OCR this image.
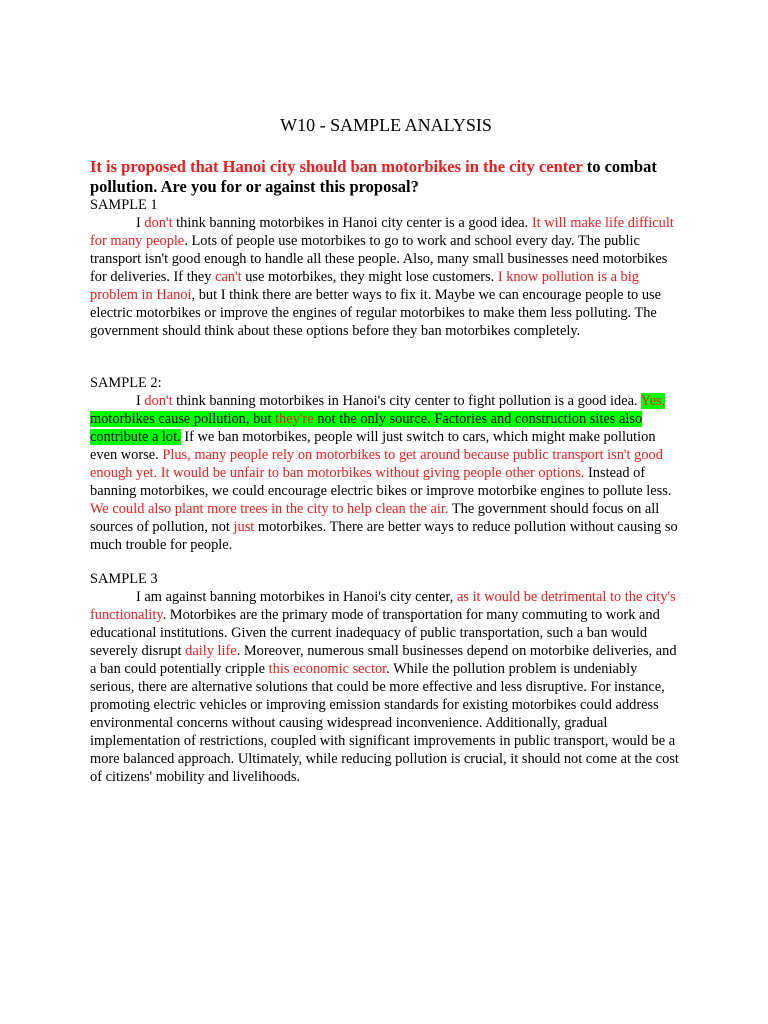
W10 - SAMPLE ANALYSIS
It is proposed that Hanoi city should ban motorbikes in the city center to combat pollution. Are you for or against this proposal?
SAMPLE 1

I don't think banning motorbikes in Hanoi city center is a good idea. It will make life difficult for many people. Lots of people use motorbikes to go to work and school every day. The public transport isn't good enough to handle all these people. Also, many small businesses need motorbikes for deliveries. If they can't use motorbikes, they might lose customers. I know pollution is a big problem in Hanoi, but I think there are better ways to fix it. Maybe we can encourage people to use electric motorbikes or improve the engines of regular motorbikes to make them less polluting. The government should think about these options before they ban motorbikes completely.

SAMPLE 2:

I don't think banning motorbikes in Hanoi's city center to fight pollution is a good idea. Yes, motorbikes cause pollution, but they're not the only source. Factories and construction sites also contribute a lot. If we ban motorbikes, people will just switch to cars, which might make pollution even worse. Plus, many people rely on motorbikes to get around because public transport isn't good enough yet. It would be unfair to ban motorbikes without giving people other options. Instead of banning motorbikes, we could encourage electric bikes or improve motorbike engines to pollute less. We could also plant more trees in the city to help clean the air. The government should focus on all sources of pollution, not just motorbikes. There are better ways to reduce pollution without causing so much trouble for people.

SAMPLE 3

I am against banning motorbikes in Hanoi's city center, as it would be detrimental to the city's functionality. Motorbikes are the primary mode of transportation for many commuting to work and educational institutions. Given the current inadequacy of public transportation, such a ban would severely disrupt daily life. Moreover, numerous small businesses depend on motorbike deliveries, and a ban could potentially cripple this economic sector. While the pollution problem is undeniably serious, there are alternative solutions that could be more effective and less disruptive. For instance, promoting electric vehicles or improving emission standards for existing motorbikes could address environmental concerns without causing widespread inconvenience. Additionally, gradual implementation of restrictions, coupled with significant improvements in public transport, would be a more balanced approach. Ultimately, while reducing pollution is crucial, it should not come at the cost of citizens' mobility and livelihoods.
